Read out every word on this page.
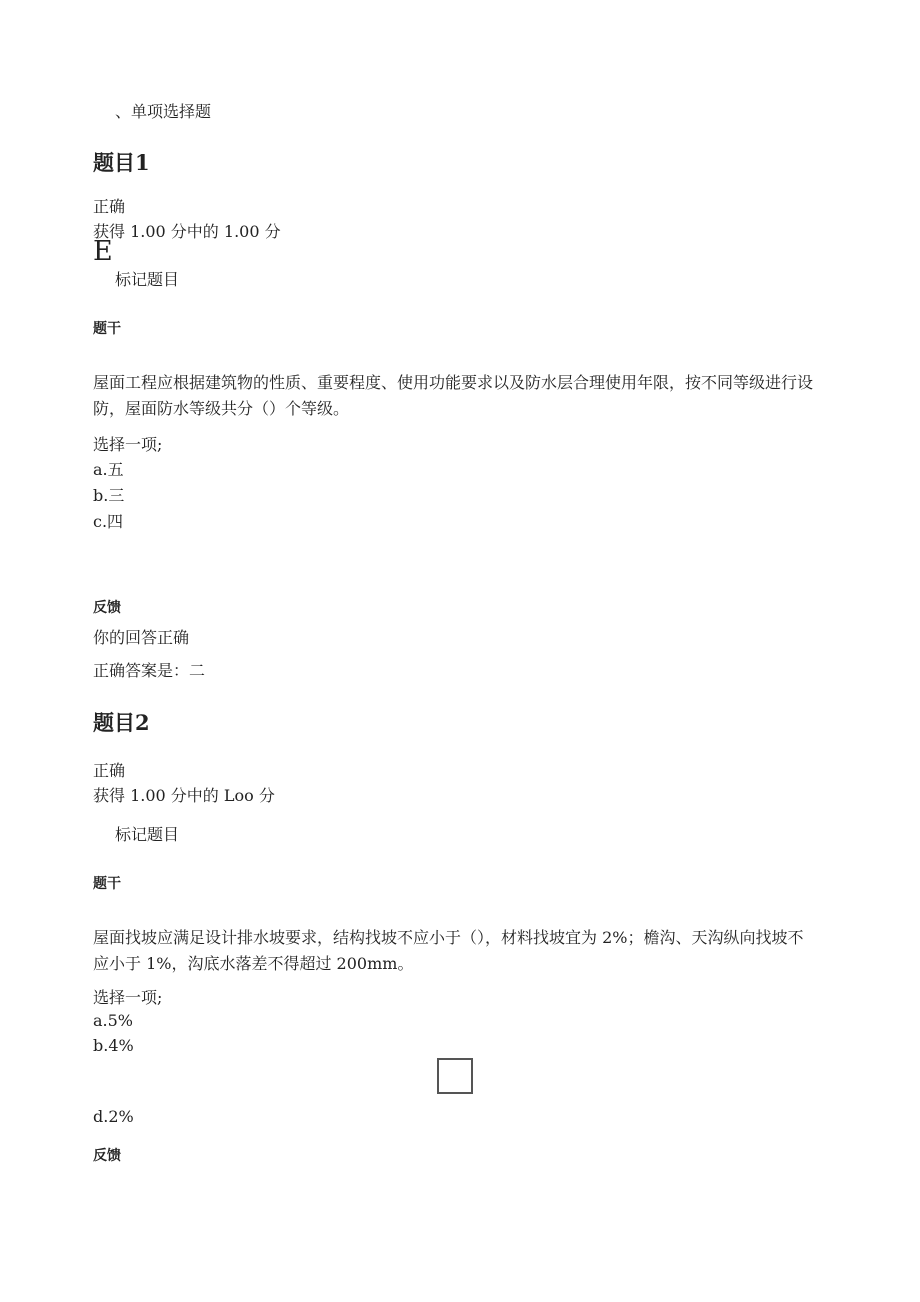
、单项选择题
题目1
正确
获得 1.00 分中的 1.00 分
E
标记题目
题干
屋面工程应根据建筑物的性质、重要程度、使用功能要求以及防水层合理使用年限，按不同等级进行设防，屋面防水等级共分（）个等级。
选择一项;
a.五
b.三
c.四
反馈
你的回答正确
正确答案是：二
题目2
正确
获得 1.00 分中的 Loo 分
标记题目
题干
屋面找坡应满足设计排水坡要求，结构找坡不应小于（），材料找坡宜为 2%；檐沟、天沟纵向找坡不应小于 1%，沟底水落差不得超过 200mm。
选择一项;
a.5%
b.4%
d.2%
反馈
